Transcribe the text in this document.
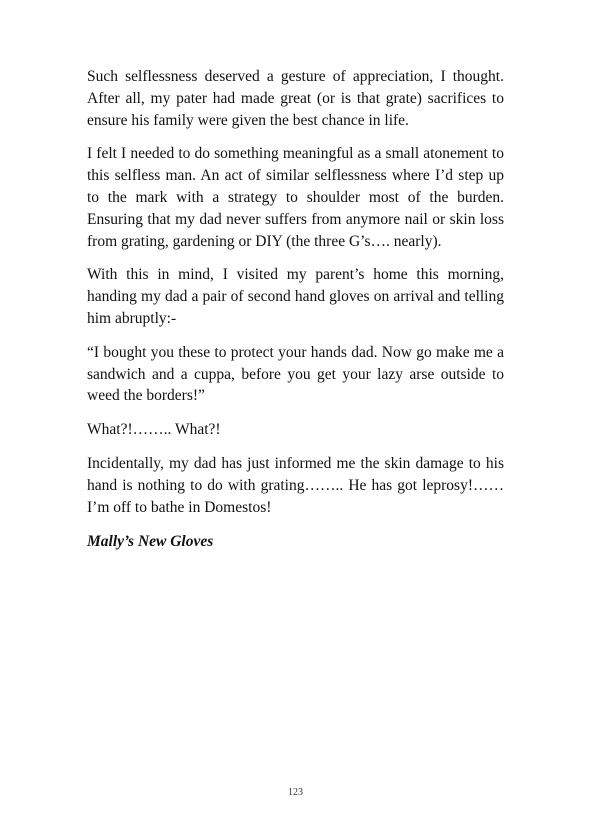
Such selflessness deserved a gesture of appreciation, I thought. After all, my pater had made great (or is that grate) sacrifices to ensure his family were given the best chance in life.

I felt I needed to do something meaningful as a small atonement to this selfless man. An act of similar selflessness where I’d step up to the mark with a strategy to shoulder most of the burden. Ensuring that my dad never suffers from anymore nail or skin loss from grating, gardening or DIY (the three G’s…. nearly).

With this in mind, I visited my parent’s home this morning, handing my dad a pair of second hand gloves on arrival and telling him abruptly:-

“I bought you these to protect your hands dad. Now go make me a sandwich and a cuppa, before you get your lazy arse outside to weed the borders!”

What?!…….. What?!

Incidentally, my dad has just informed me the skin damage to his hand is nothing to do with grating…….. He has got leprosy!…… I’m off to bathe in Domestos!

Mally’s New Gloves

123
